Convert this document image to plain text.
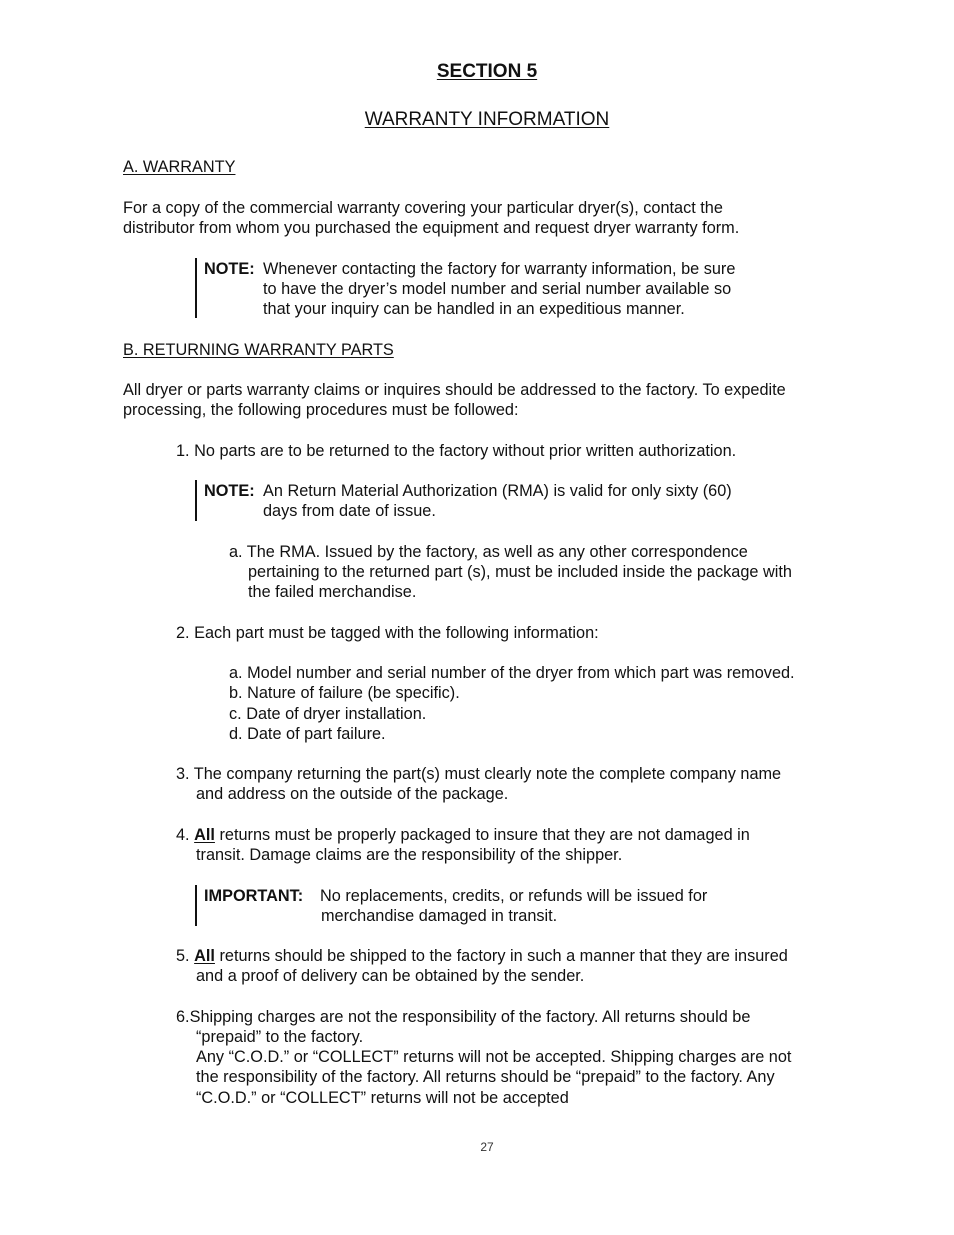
SECTION 5
WARRANTY INFORMATION
A. WARRANTY
For a copy of the commercial warranty covering your particular dryer(s), contact the
distributor from whom you purchased the equipment and request dryer warranty form.
NOTE: Whenever contacting the factory for warranty information, be sure
to have the dryer’s model number and serial number available so
that your inquiry can be handled in an expeditious manner.
B. RETURNING WARRANTY PARTS
All dryer or parts warranty claims or inquires should be addressed to the factory. To expedite
processing, the following procedures must be followed:
1. No parts are to be returned to the factory without prior written authorization.
NOTE: An Return Material Authorization (RMA) is valid for only sixty (60)
days from date of issue.
a. The RMA. Issued by the factory, as well as any other correspondence
pertaining to the returned part (s), must be included inside the package with
the failed merchandise.
2. Each part must be tagged with the following information:
a. Model number and serial number of the dryer from which part was removed.
b. Nature of failure (be specific).
c. Date of dryer installation.
d. Date of part failure.
3. The company returning the part(s) must clearly note the complete company name
and address on the outside of the package.
4. All returns must be properly packaged to insure that they are not damaged in
transit. Damage claims are the responsibility of the shipper.
IMPORTANT: No replacements, credits, or refunds will be issued for
merchandise damaged in transit.
5. All returns should be shipped to the factory in such a manner that they are insured
and a proof of delivery can be obtained by the sender.
6.Shipping charges are not the responsibility of the factory. All returns should be
“prepaid” to the factory.
Any “C.O.D.” or “COLLECT” returns will not be accepted. Shipping charges are not
the responsibility of the factory. All returns should be “prepaid” to the factory. Any
“C.O.D.” or “COLLECT” returns will not be accepted
27
